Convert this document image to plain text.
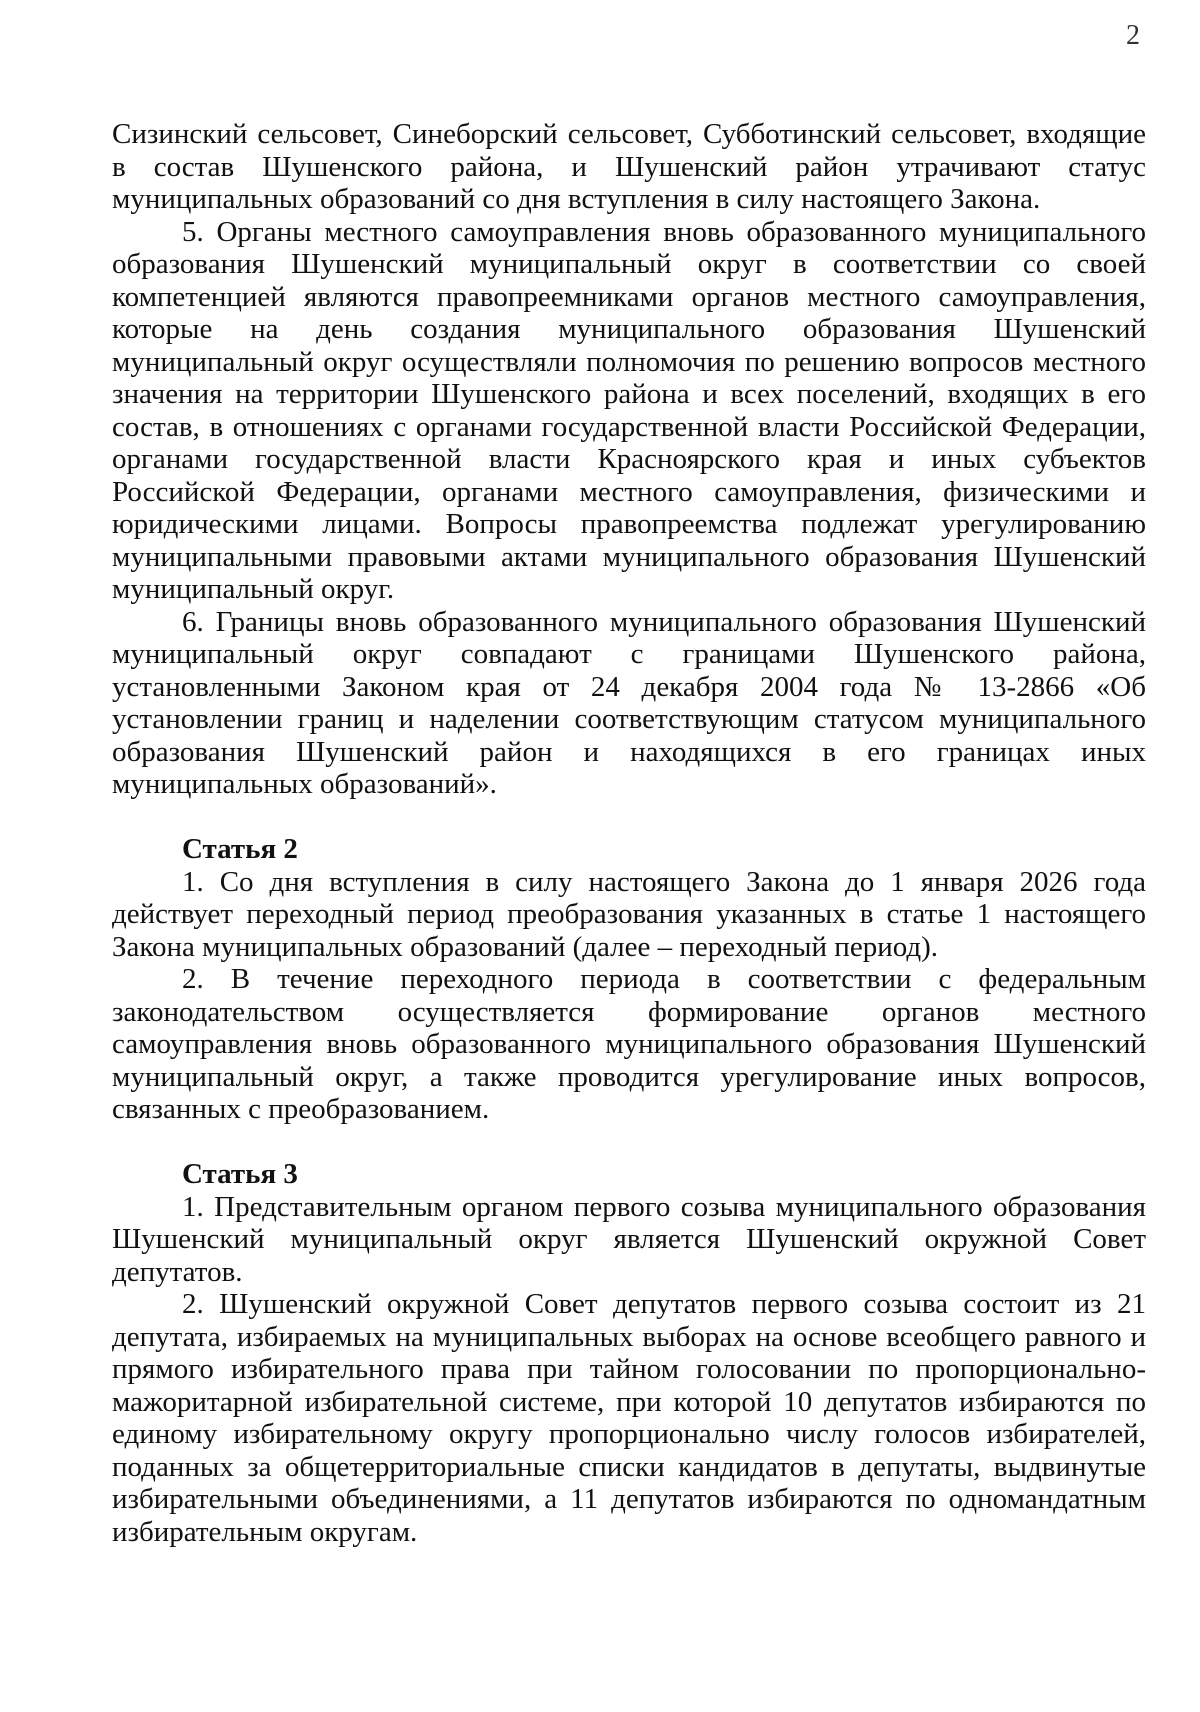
2

Сизинский сельсовет, Синеборский сельсовет, Субботинский сельсовет, входящие в состав Шушенского района, и Шушенский район утрачивают статус муниципальных образований со дня вступления в силу настоящего Закона.

5. Органы местного самоуправления вновь образованного муниципального образования Шушенский муниципальный округ в соответствии со своей компетенцией являются правопреемниками органов местного самоуправления, которые на день создания муниципального образования Шушенский муниципальный округ осуществляли полномочия по решению вопросов местного значения на территории Шушенского района и всех поселений, входящих в его состав, в отношениях с органами государственной власти Российской Федерации, органами государственной власти Красноярского края и иных субъектов Российской Федерации, органами местного самоуправления, физическими и юридическими лицами. Вопросы правопреемства подлежат урегулированию муниципальными правовыми актами муниципального образования Шушенский муниципальный округ.

6. Границы вновь образованного муниципального образования Шушенский муниципальный округ совпадают с границами Шушенского района, установленными Законом края от 24 декабря 2004 года № 13-2866 «Об установлении границ и наделении соответствующим статусом муниципального образования Шушенский район и находящихся в его границах иных муниципальных образований».

Статья 2

1. Со дня вступления в силу настоящего Закона до 1 января 2026 года действует переходный период преобразования указанных в статье 1 настоящего Закона муниципальных образований (далее – переходный период).

2. В течение переходного периода в соответствии с федеральным законодательством осуществляется формирование органов местного самоуправления вновь образованного муниципального образования Шушенский муниципальный округ, а также проводится урегулирование иных вопросов, связанных с преобразованием.

Статья 3

1. Представительным органом первого созыва муниципального образования Шушенский муниципальный округ является Шушенский окружной Совет депутатов.

2. Шушенский окружной Совет депутатов первого созыва состоит из 21 депутата, избираемых на муниципальных выборах на основе всеобщего равного и прямого избирательного права при тайном голосовании по пропорционально-мажоритарной избирательной системе, при которой 10 депутатов избираются по единому избирательному округу пропорционально числу голосов избирателей, поданных за общетерриториальные списки кандидатов в депутаты, выдвинутые избирательными объединениями, а 11 депутатов избираются по одномандатным избирательным округам.
